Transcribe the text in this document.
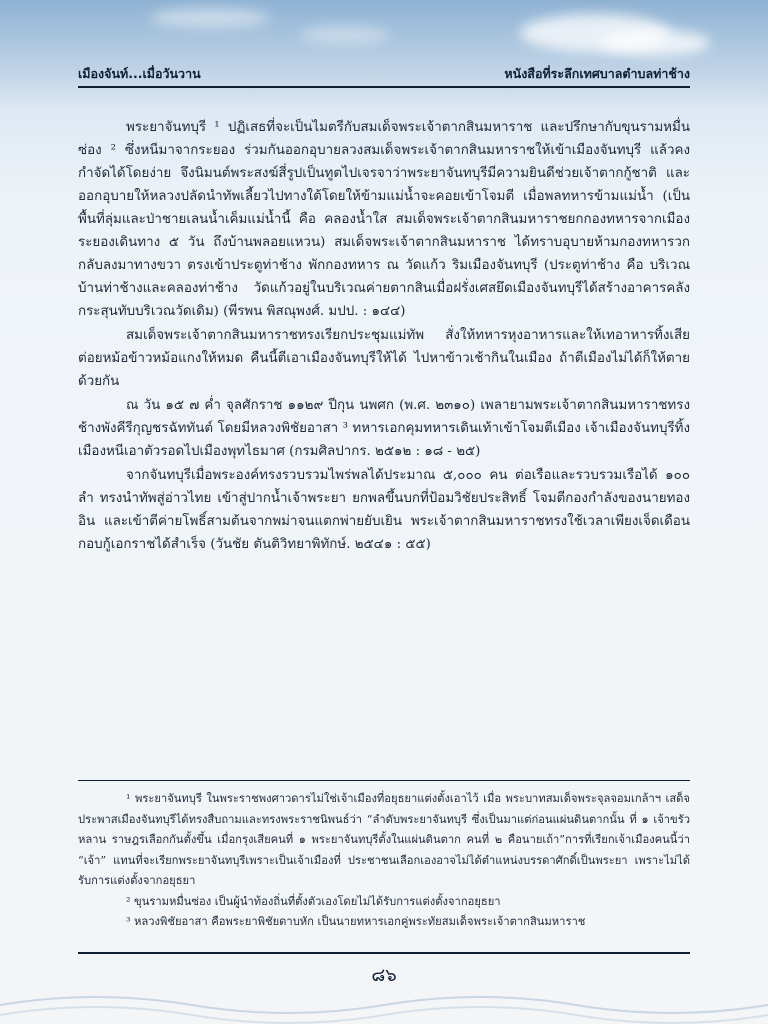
เมืองจันท์...เมื่อวันวาน	หนังสือที่ระลึกเทศบาลตำบลท่าช้าง

พระยาจันทบุรี ¹ ปฏิเสธที่จะเป็นไมตรีกับสมเด็จพระเจ้าตากสินมหาราช และปรึกษากับขุนรามหมื่นซ่อง ² ซึ่งหนีมาจากระยอง ร่วมกันออกอุบายลวงสมเด็จพระเจ้าตากสินมหาราชให้เข้าเมืองจันทบุรี แล้วคงกำจัดได้โดยง่าย จึงนิมนต์พระสงฆ์สี่รูปเป็นทูตไปเจรจาว่าพระยาจันทบุรีมีความยินดีช่วยเจ้าตากกู้ชาติ และออกอุบายให้หลวงปลัดนำทัพเลี้ยวไปทางใต้โดยให้ข้ามแม่น้ำจะคอยเข้าโจมตี เมื่อพลทหารข้ามแม่น้ำ (เป็นพื้นที่ลุ่มและป่าชายเลนน้ำเค็มแม่น้ำนี้ คือ คลองน้ำใส สมเด็จพระเจ้าตากสินมหาราชยกกองทหารจากเมืองระยองเดินทาง ๕ วัน ถึงบ้านพลอยแหวน) สมเด็จพระเจ้าตากสินมหาราช ได้ทราบอุบายห้ามกองทหารวกกลับลงมาทางขวา ตรงเข้าประตูท่าช้าง พักกองทหาร ณ วัดแก้ว ริมเมืองจันทบุรี (ประตูท่าช้าง คือ บริเวณบ้านท่าช้างและคลองท่าช้าง วัดแก้วอยู่ในบริเวณค่ายตากสินเมื่อฝรั่งเศสยึดเมืองจันทบุรีได้สร้างอาคารคลังกระสุนทับบริเวณวัดเดิม) (พีรพน พิสณุพงศ์. มปป. : ๑๔๔)

สมเด็จพระเจ้าตากสินมหาราชทรงเรียกประชุมแม่ทัพ สั่งให้ทหารหุงอาหารและให้เทอาหารทิ้งเสีย ต่อยหม้อข้าวหม้อแกงให้หมด คืนนี้ตีเอาเมืองจันทบุรีให้ได้ ไปหาข้าวเช้ากินในเมือง ถ้าตีเมืองไม่ได้ก็ให้ตายด้วยกัน

ณ วัน ๑๕ ๗ ค่ำ จุลศักราช ๑๑๒๙ ปีกุน นพศก (พ.ศ. ๒๓๑๐) เพลายามพระเจ้าตากสินมหาราชทรงช้างพังคีรีกุญชรฉัททันต์ โดยมีหลวงพิชัยอาสา ³ ทหารเอกคุมทหารเดินเท้าเข้าโจมตีเมือง เจ้าเมืองจันทบุรีทิ้งเมืองหนีเอาตัวรอดไปเมืองพุทไธมาศ (กรมศิลปากร. ๒๕๑๒ : ๑๘ - ๒๕)

จากจันทบุรีเมื่อพระองค์ทรงรวบรวมไพร่พลได้ประมาณ ๕,๐๐๐ คน ต่อเรือและรวบรวมเรือได้ ๑๐๐ ลำ ทรงนำทัพสู่อ่าวไทย เข้าสู่ปากน้ำเจ้าพระยา ยกพลขึ้นบกที่ป้อมวิชัยประสิทธิ์ โจมตีกองกำลังของนายทองอิน และเข้าตีค่ายโพธิ์สามต้นจากพม่าจนแตกพ่ายยับเยิน พระเจ้าตากสินมหาราชทรงใช้เวลาเพียงเจ็ดเดือนกอบกู้เอกราชได้สำเร็จ (วันชัย ตันติวิทยาพิทักษ์. ๒๕๔๑ : ๕๕)

¹ พระยาจันทบุรี ในพระราชพงศาวดารไม่ใช่เจ้าเมืองที่อยุธยาแต่งตั้งเอาไว้ เมื่อ พระบาทสมเด็จพระจุลจอมเกล้าฯ เสด็จประพาสเมืองจันทบุรีได้ทรงสืบถามและทรงพระราชนิพนธ์ว่า “ลำดับพระยาจันทบุรี ซึ่งเป็นมาแต่ก่อนแผ่นดินตากนั้น ที่ ๑ เจ้าขรัวหลาน ราษฎรเลือกกันตั้งขึ้น เมื่อกรุงเสียคนที่ ๑ พระยาจันทบุรีตั้งในแผ่นดินตาก คนที่ ๒ คือนายเถ้า”การที่เรียกเจ้าเมืองคนนี้ว่า “เจ้า” แทนที่จะเรียกพระยาจันทบุรีเพราะเป็นเจ้าเมืองที่ ประชาชนเลือกเองอาจไม่ได้ตำแหน่งบรรดาศักดิ์เป็นพระยา เพราะไม่ได้รับการแต่งตั้งจากอยุธยา

² ขุนรามหมื่นซ่อง เป็นผู้นำท้องถิ่นที่ตั้งตัวเองโดยไม่ได้รับการแต่งตั้งจากอยุธยา

³ หลวงพิชัยอาสา คือพระยาพิชัยดาบหัก เป็นนายทหารเอกคู่พระทัยสมเด็จพระเจ้าตากสินมหาราช

๘๖
